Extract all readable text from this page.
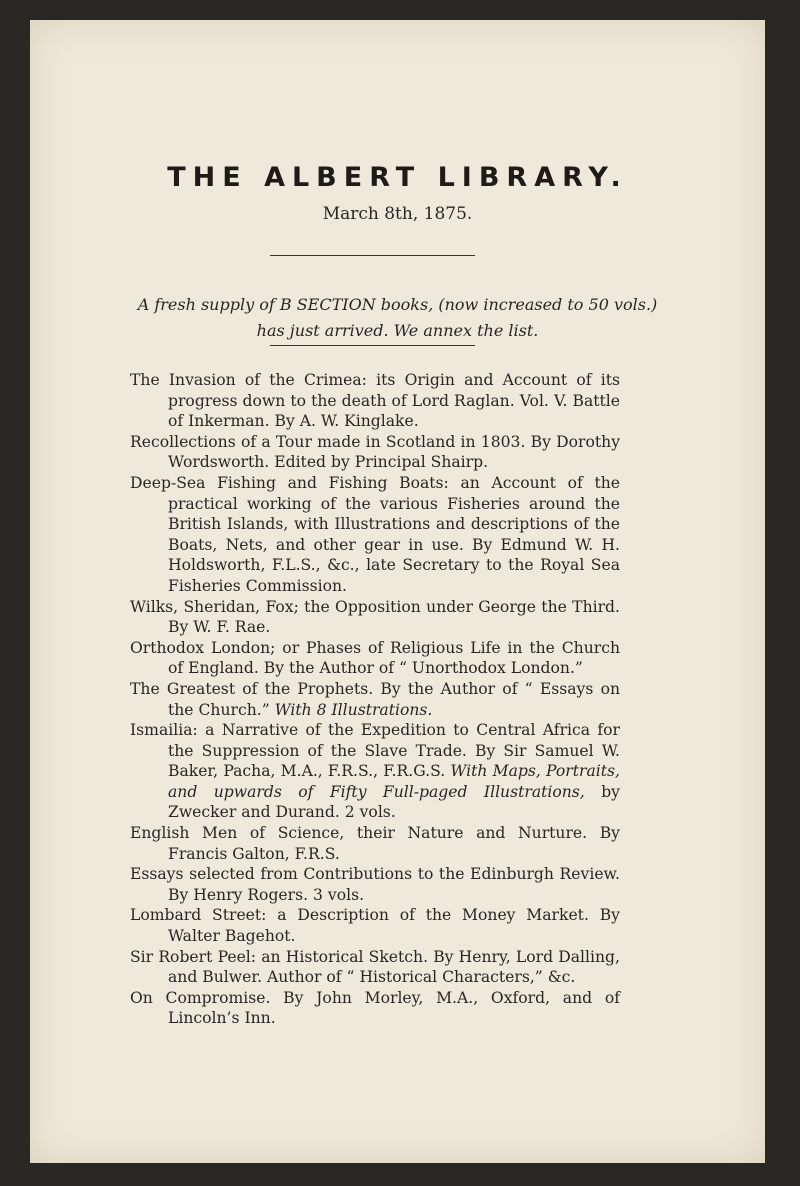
THE ALBERT LIBRARY.
March 8th, 1875.
A fresh supply of B SECTION books, (now increased to 50 vols.)
has just arrived. We annex the list.

The Invasion of the Crimea: its Origin and Account of its progress down to the death of Lord Raglan. Vol. V. Battle of Inkerman. By A. W. Kinglake.

Recollections of a Tour made in Scotland in 1803. By Dorothy Wordsworth. Edited by Principal Shairp.

Deep-Sea Fishing and Fishing Boats: an Account of the practical working of the various Fisheries around the British Islands, with Illustrations and descriptions of the Boats, Nets, and other gear in use. By Edmund W. H. Holdsworth, F.L.S., &c., late Secretary to the Royal Sea Fisheries Commission.

Wilks, Sheridan, Fox; the Opposition under George the Third. By W. F. Rae.

Orthodox London; or Phases of Religious Life in the Church of England. By the Author of “ Unorthodox London.”

The Greatest of the Prophets. By the Author of “ Essays on the Church.” With 8 Illustrations.

Ismailia: a Narrative of the Expedition to Central Africa for the Suppression of the Slave Trade. By Sir Samuel W. Baker, Pacha, M.A., F.R.S., F.R.G.S. With Maps, Portraits, and upwards of Fifty Full-paged Illustrations, by Zwecker and Durand. 2 vols.

English Men of Science, their Nature and Nurture. By Francis Galton, F.R.S.

Essays selected from Contributions to the Edinburgh Review. By Henry Rogers. 3 vols.

Lombard Street: a Description of the Money Market. By Walter Bagehot.

Sir Robert Peel: an Historical Sketch. By Henry, Lord Dalling, and Bulwer. Author of “ Historical Characters,” &c.

On Compromise. By John Morley, M.A., Oxford, and of Lincoln’s Inn.
